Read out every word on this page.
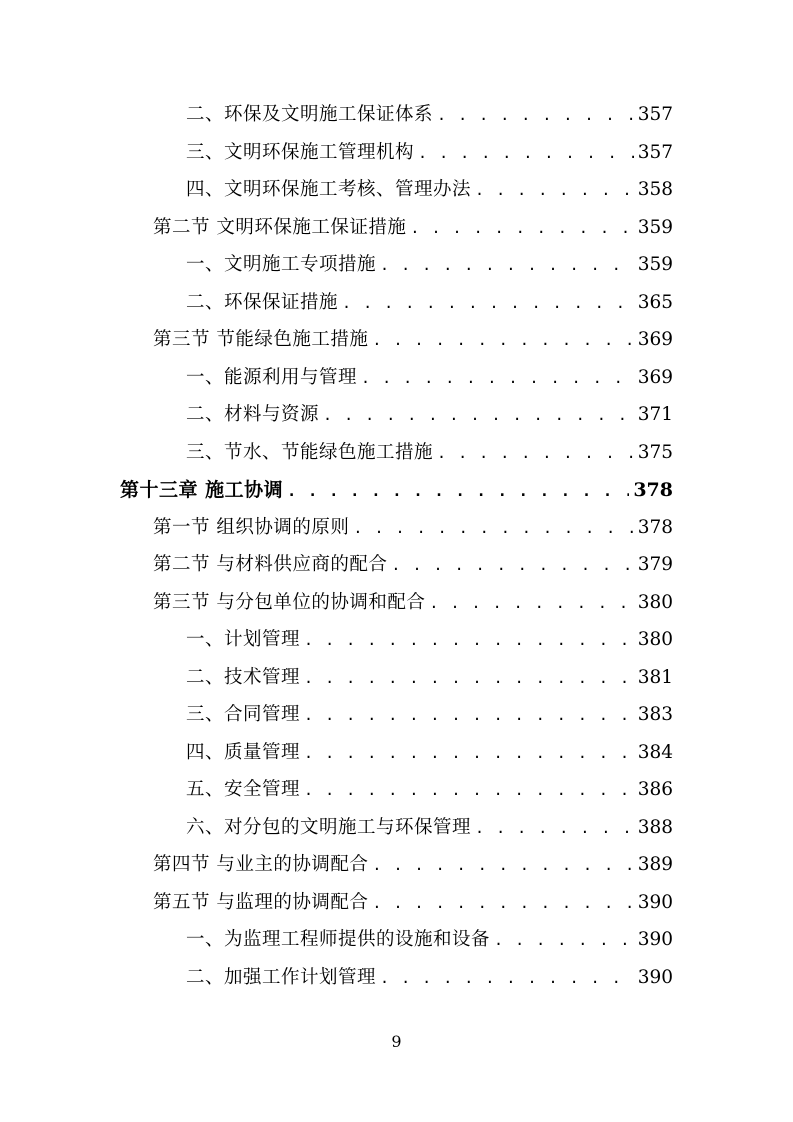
二、环保及文明施工保证体系 . . .	357
三、文明环保施工管理机构 . . .	357
四、文明环保施工考核、管理办法 . . .	358
第二节 文明环保施工保证措施 . . .	359
一、文明施工专项措施 . . .	359
二、环保保证措施 . . .	365
第三节 节能绿色施工措施 . . .	369
一、能源利用与管理 . . .	369
二、材料与资源 . . .	371
三、节水、节能绿色施工措施 . . .	375
第十三章 施工协调 . . .	378
第一节 组织协调的原则 . . .	378
第二节 与材料供应商的配合 . . .	379
第三节 与分包单位的协调和配合 . . .	380
一、计划管理 . . .	380
二、技术管理 . . .	381
三、合同管理 . . .	383
四、质量管理 . . .	384
五、安全管理 . . .	386
六、对分包的文明施工与环保管理 . . .	388
第四节 与业主的协调配合 . . .	389
第五节 与监理的协调配合 . . .	390
一、为监理工程师提供的设施和设备 . . .	390
二、加强工作计划管理 . . .	390
9
